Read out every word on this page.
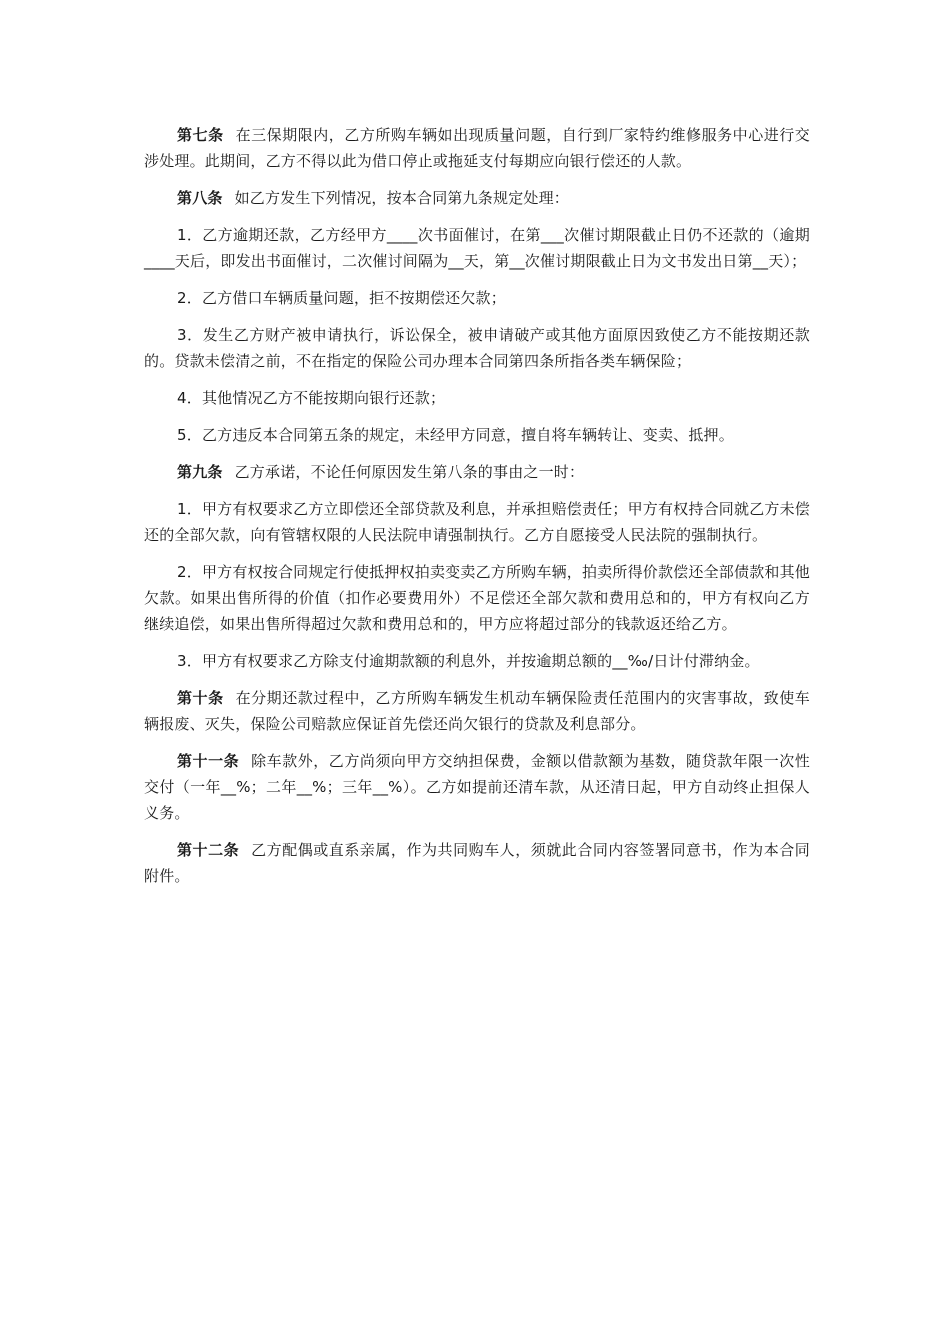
第七条 在三保期限内，乙方所购车辆如出现质量问题，自行到厂家特约维修服务中心进行交涉处理。此期间，乙方不得以此为借口停止或拖延支付每期应向银行偿还的人款。

第八条 如乙方发生下列情况，按本合同第九条规定处理：

1．乙方逾期还款，乙方经甲方____次书面催讨，在第___次催讨期限截止日仍不还款的（逾期____天后，即发出书面催讨，二次催讨间隔为__天，第__次催讨期限截止日为文书发出日第__天）；

2．乙方借口车辆质量问题，拒不按期偿还欠款；

3．发生乙方财产被申请执行，诉讼保全，被申请破产或其他方面原因致使乙方不能按期还款的。贷款未偿清之前，不在指定的保险公司办理本合同第四条所指各类车辆保险；

4．其他情况乙方不能按期向银行还款；

5．乙方违反本合同第五条的规定，未经甲方同意，擅自将车辆转让、变卖、抵押。

第九条 乙方承诺，不论任何原因发生第八条的事由之一时：

1．甲方有权要求乙方立即偿还全部贷款及利息，并承担赔偿责任；甲方有权持合同就乙方未偿还的全部欠款，向有管辖权限的人民法院申请强制执行。乙方自愿接受人民法院的强制执行。

2．甲方有权按合同规定行使抵押权拍卖变卖乙方所购车辆，拍卖所得价款偿还全部债款和其他欠款。如果出售所得的价值（扣作必要费用外）不足偿还全部欠款和费用总和的，甲方有权向乙方继续追偿，如果出售所得超过欠款和费用总和的，甲方应将超过部分的钱款返还给乙方。

3．甲方有权要求乙方除支付逾期款额的利息外，并按逾期总额的__‰/日计付滞纳金。

第十条 在分期还款过程中，乙方所购车辆发生机动车辆保险责任范围内的灾害事故，致使车辆报废、灭失，保险公司赔款应保证首先偿还尚欠银行的贷款及利息部分。

第十一条 除车款外，乙方尚须向甲方交纳担保费，金额以借款额为基数，随贷款年限一次性交付（一年__%；二年__%；三年__%）。乙方如提前还清车款，从还清日起，甲方自动终止担保人义务。

第十二条 乙方配偶或直系亲属，作为共同购车人，须就此合同内容签署同意书，作为本合同附件。
